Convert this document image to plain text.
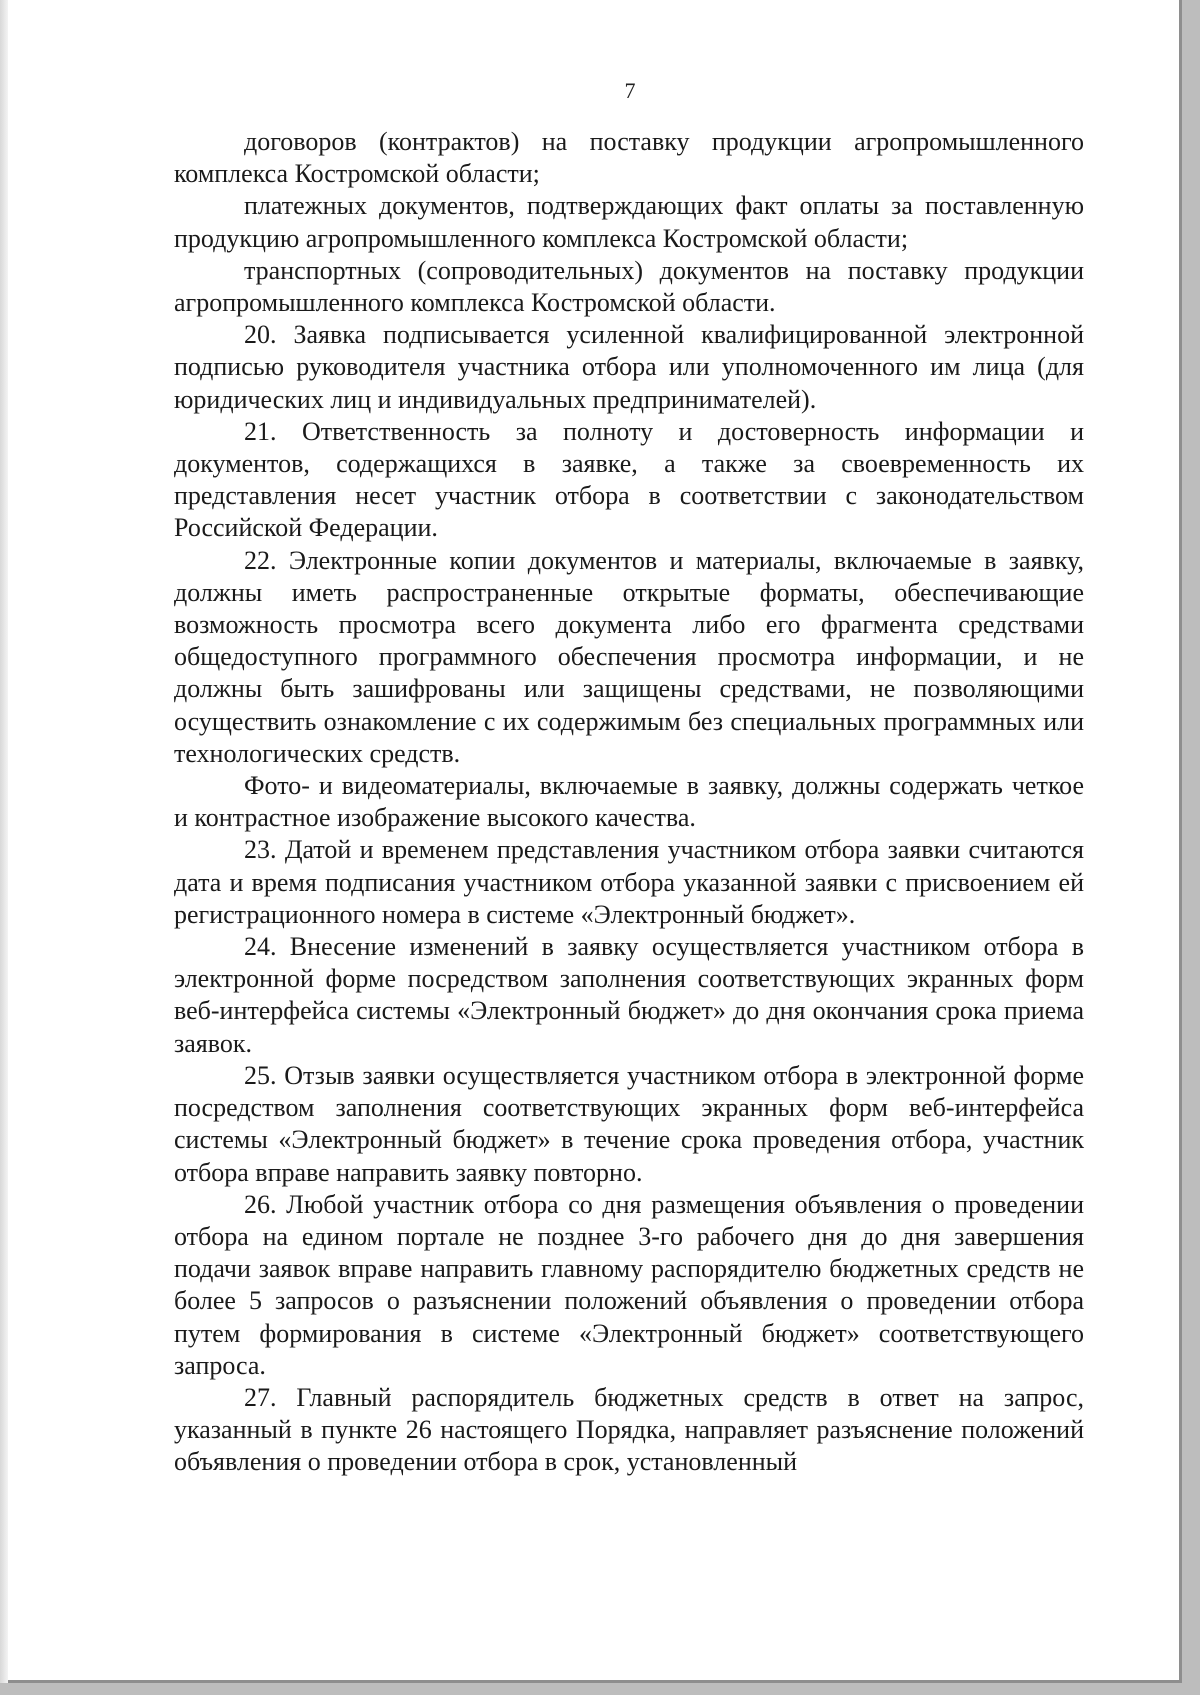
7

договоров (контрактов) на поставку продукции агропромышленного комплекса Костромской области;

платежных документов, подтверждающих факт оплаты за поставленную продукцию агропромышленного комплекса Костромской области;

транспортных (сопроводительных) документов на поставку продукции агропромышленного комплекса Костромской области.

20. Заявка подписывается усиленной квалифицированной электронной подписью руководителя участника отбора или уполномоченного им лица (для юридических лиц и индивидуальных предпринимателей).

21. Ответственность за полноту и достоверность информации и документов, содержащихся в заявке, а также за своевременность их представления несет участник отбора в соответствии с законодательством Российской Федерации.

22. Электронные копии документов и материалы, включаемые в заявку, должны иметь распространенные открытые форматы, обеспечивающие возможность просмотра всего документа либо его фрагмента средствами общедоступного программного обеспечения просмотра информации, и не должны быть зашифрованы или защищены средствами, не позволяющими осуществить ознакомление с их содержимым без специальных программных или технологических средств.

Фото- и видеоматериалы, включаемые в заявку, должны содержать четкое и контрастное изображение высокого качества.

23. Датой и временем представления участником отбора заявки считаются дата и время подписания участником отбора указанной заявки с присвоением ей регистрационного номера в системе «Электронный бюджет».

24. Внесение изменений в заявку осуществляется участником отбора в электронной форме посредством заполнения соответствующих экранных форм веб-интерфейса системы «Электронный бюджет» до дня окончания срока приема заявок.

25. Отзыв заявки осуществляется участником отбора в электронной форме посредством заполнения соответствующих экранных форм веб-интерфейса системы «Электронный бюджет» в течение срока проведения отбора, участник отбора вправе направить заявку повторно.

26. Любой участник отбора со дня размещения объявления о проведении отбора на едином портале не позднее 3-го рабочего дня до дня завершения подачи заявок вправе направить главному распорядителю бюджетных средств не более 5 запросов о разъяснении положений объявления о проведении отбора путем формирования в системе «Электронный бюджет» соответствующего запроса.

27. Главный распорядитель бюджетных средств в ответ на запрос, указанный в пункте 26 настоящего Порядка, направляет разъяснение положений объявления о проведении отбора в срок, установленный
